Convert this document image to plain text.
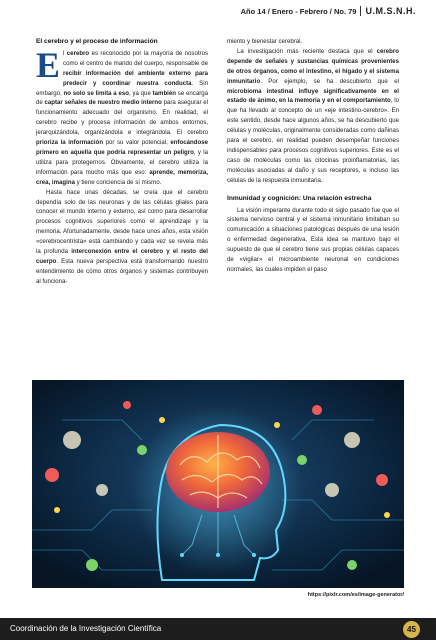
Año 14 / Enero - Febrero / No. 79 U.M.S.N.H.
El cerebro y el proceso de información

El cerebro es reconocido por la mayoría de nosotros como el centro de mando del cuerpo, responsable de recibir información del ambiente externo para predecir y coordinar nuestra conducta. Sin embargo, no solo se limita a eso, ya que también se encarga de captar señales de nuestro medio interno para asegurar el funcionamiento adecuado del organismo. En realidad, el cerebro recibe y procesa información de ambos entornos, jerarquizándola, organizándola e integrándola. El cerebro prioriza la información por su valor potencial, enfocándose primero en aquella que podría representar un peligro, y la utiliza para protegernos. Obviamente, el cerebro utiliza la información para mucho más que eso: aprende, memoriza, crea, imagina y tiene conciencia de sí mismo.

Hasta hace unas décadas, se creía que el cerebro dependía solo de las neuronas y de las células gliales para conocer el mundo interno y externo, así como para desarrollar procesos cognitivos superiores como el aprendizaje y la memoria. Afortunadamente, desde hace unos años, esta visión «cerebrocentrista» está cambiando y cada vez se revela más la profunda interconexión entre el cerebro y el resto del cuerpo. Esta nueva perspectiva está transformando nuestro entendimiento de cómo otros órganos y sistemas contribuyen al funciona-

miento y bienestar cerebral.

La investigación más reciente destaca que el cerebro depende de señales y sustancias químicas provenientes de otros órganos, como el intestino, el hígado y el sistema inmunitario. Por ejemplo, se ha descubierto que el microbioma intestinal influye significativamente en el estado de ánimo, en la memoria y en el comportamiento, lo que ha llevado al concepto de un «eje intestino-cerebro». En este sentido, desde hace algunos años, se ha descubierto que células y moléculas, originalmente consideradas como dañinas para el cerebro, en realidad pueden desempeñar funciones indispensables para procesos cognitivos superiores. Este es el caso de moléculas como las citocinas proinflamatorias, las moléculas asociadas al daño y sus receptores, e incluso las células de la respuesta inmunitaria.

Inmunidad y cognición: Una relación estrecha

La visión imperante durante todo el siglo pasado fue que el sistema nervioso central y el sistema inmunitario limitaban su comunicación a situaciones patológicas después de una lesión o enfermedad degenerativa. Esta idea se mantuvo bajo el supuesto de que el cerebro tiene sus propias células capaces de «vigilar» el microambiente neuronal en condiciones normales, las cuales impiden el paso

https://pixlr.com/es/image-generator/
Coordinación de la Investigación Científica	45
